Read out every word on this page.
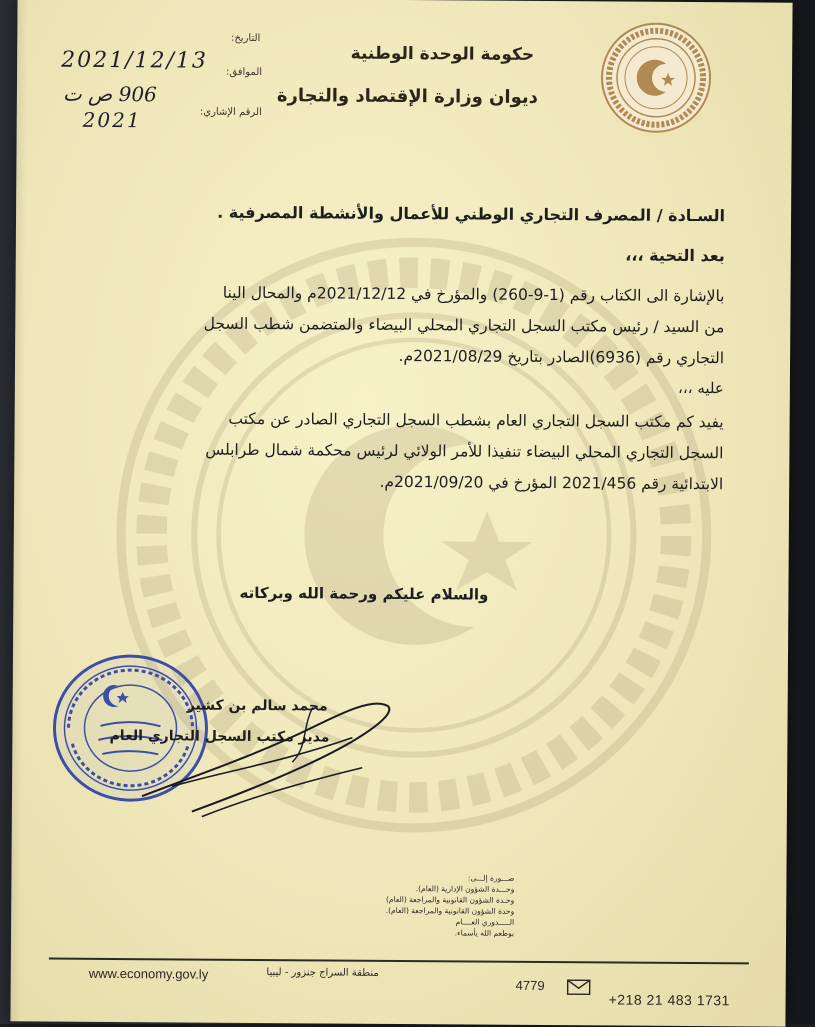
حكومة الوحدة الوطنية
ديوان وزارة الإقتصاد والتجارة
التاريخ:
الموافق:
الرقم الإشاري:
2021/12/13
906 ص ت
2021
السـادة / المصرف التجاري الوطني للأعمال والأنشطة المصرفية .
بعد التحية ،،،
بالإشارة الى الكتاب رقم (1-9-260) والمؤرخ في 2021/12/12م والمحال الينا
من السيد / رئيس مكتب السجل التجاري المحلي البيضاء والمتضمن شطب السجل
التجاري رقم (6936)الصادر بتاريخ 2021/08/29م.
عليه ،،،
يفيد كم مكتب السجل التجاري العام بشطب السجل التجاري الصادر عن مكتب
السجل التجاري المحلي البيضاء تنفيذا للأمر الولائي لرئيس محكمة شمال طرابلس
الابتدائية رقم 2021/456 المؤرخ في 2021/09/20م.
والسلام عليكم ورحمة الله وبركاته
محمد سالم بن كشير
مدير مكتب السجل التجاري العام
صـــورة إلـــى:
وحـــدة الشؤون الإدارية (العام).
وحـدة الشؤون القانونية والمراجعة (العام)
وحدة الشؤون القانونية والمراجعة (العام).
الـــــدوري العــــام
بوطعم الله يأسماء.
www.economy.gov.ly	منطقة السراج جنزور - ليبيا
4779
+218 21 483 1731
